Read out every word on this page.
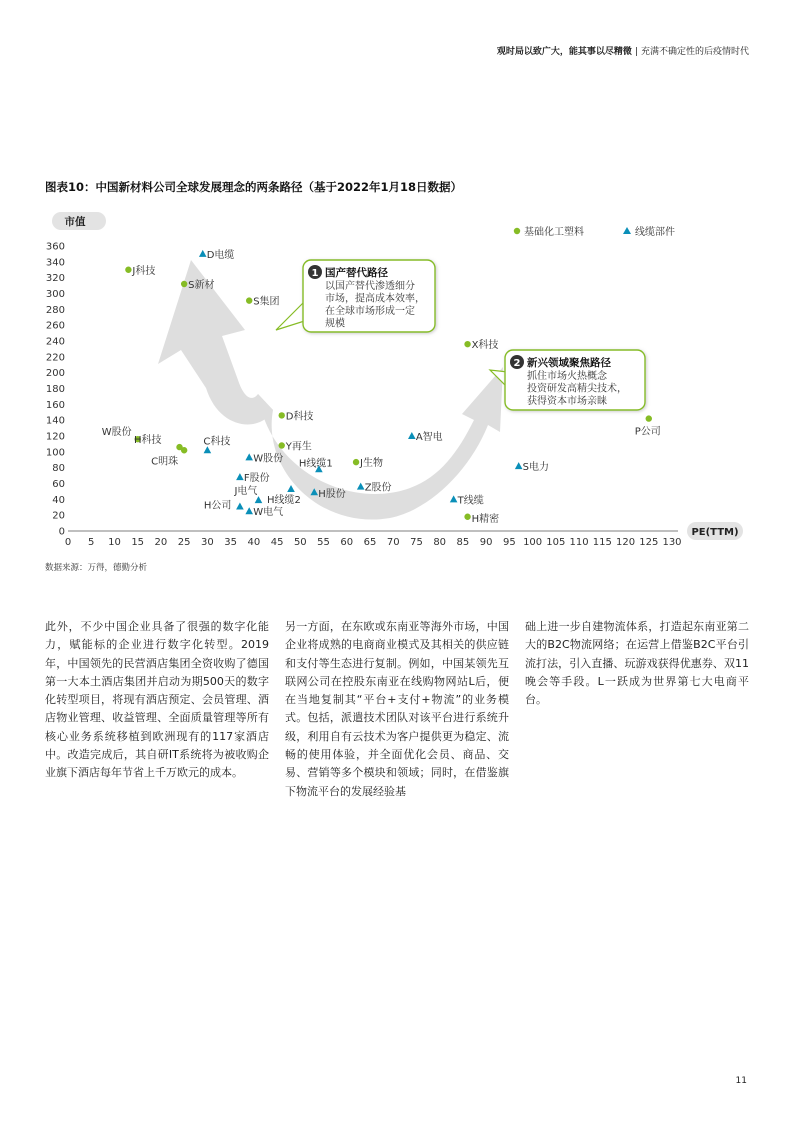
观时局以致广大，能其事以尽精微 | 充满不确定性的后疫情时代
图表10：中国新材料公司全球发展理念的两条路径（基于2022年1月18日数据）
0 5 10 15 20 25 30 35 40 45 50 55 60 65 70 75 80 85 90 95 100 105 110 115 120 125 130
0
20
40
60
80
100
120
140
160
180
200
220
240
260
280
300
320
340
360
市值
PE(TTM)
J科技
S新材
S集团
X科技
D科技
P公司
W股份
H科技
C明珠
Y再生
J生物
H精密
D电缆
C科技
W股份
A智电
S电力
H线缆1
F股份
Z股份
J电气
H线缆2
H股份
T线缆
H公司
W电气
基础化工塑料	线缆部件
1 国产替代路径
以国产替代渗透细分
市场，提高成本效率，
在全球市场形成一定
规模
2 新兴领域聚焦路径
抓住市场火热概念
投资研发高精尖技术，
获得资本市场亲睐
数据来源：万得，德勤分析
此外，不少中国企业具备了很强的数字化能力，赋能标的企业进行数字化转型。2019年，中国领先的民营酒店集团全资收购了德国第一大本土酒店集团并启动为期500天的数字化转型项目，将现有酒店预定、会员管理、酒店物业管理、收益管理、全面质量管理等所有核心业务系统移植到欧洲现有的117家酒店中。改造完成后，其自研IT系统将为被收购企业旗下酒店每年节省上千万欧元的成本。
另一方面，在东欧或东南亚等海外市场，中国企业将成熟的电商商业模式及其相关的供应链和支付等生态进行复制。例如，中国某领先互联网公司在控股东南亚在线购物网站L后，便在当地复制其“平台+支付+物流”的业务模式。包括，派遣技术团队对该平台进行系统升级，利用自有云技术为客户提供更为稳定、流畅的使用体验，并全面优化会员、商品、交易、营销等多个模块和领域；同时，在借鉴旗下物流平台的发展经验基
础上进一步自建物流体系，打造起东南亚第二大的B2C物流网络；在运营上借鉴B2C平台引流打法，引入直播、玩游戏获得优惠券、双11晚会等手段。L一跃成为世界第七大电商平台。
11
